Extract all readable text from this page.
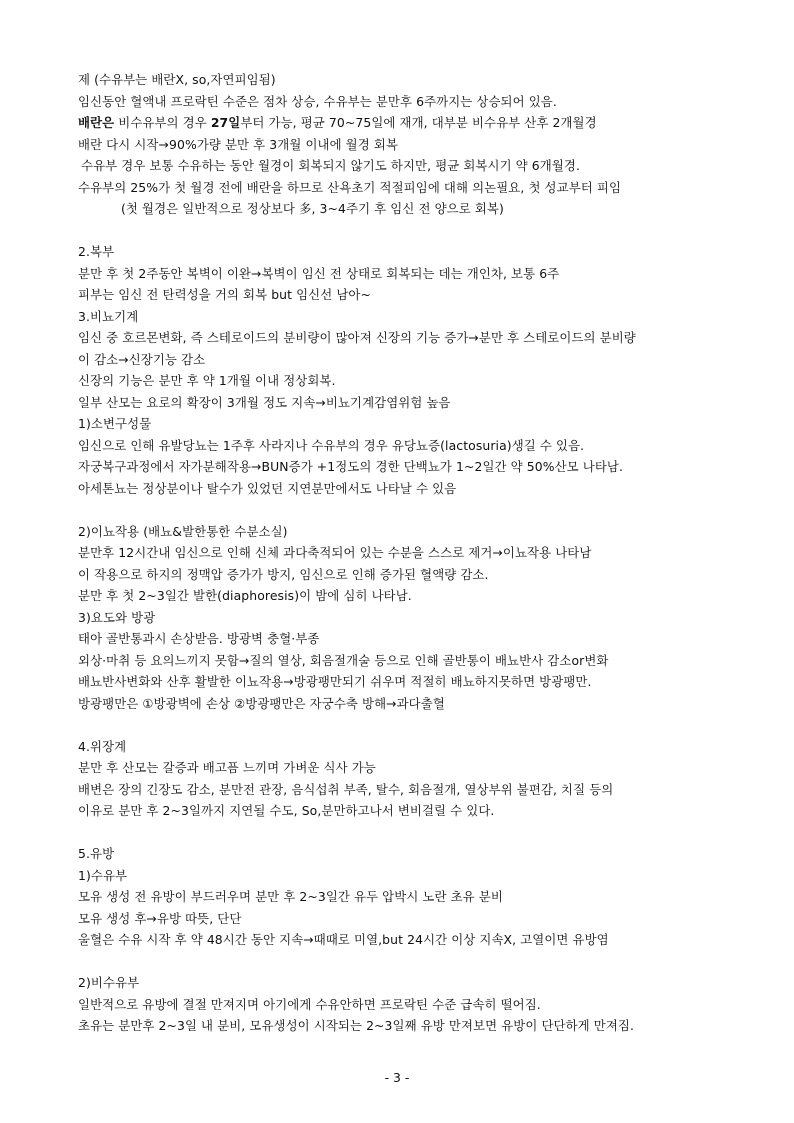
제 (수유부는 배란X, so,자연피임됨)
임신동안 혈액내 프로락틴 수준은 점차 상승, 수유부는 분만후 6주까지는 상승되어 있음.
배란은 비수유부의 경우 27일부터 가능, 평균 70~75일에 재개, 대부분 비수유부 산후 2개월경
배란 다시 시작→90%가량 분만 후 3개월 이내에 월경 회복
수유부 경우 보통 수유하는 동안 월경이 회복되지 않기도 하지만, 평균 회복시기 약 6개월경.
수유부의 25%가 첫 월경 전에 배란을 하므로 산욕초기 적절피임에 대해 의논필요, 첫 성교부터 피임
(첫 월경은 일반적으로 정상보다 多, 3~4주기 후 임신 전 양으로 회복)
2.복부
분만 후 첫 2주동안 복벽이 이완→복벽이 임신 전 상태로 회복되는 데는 개인차, 보통 6주
피부는 임신 전 탄력성을 거의 회복 but 임신선 남아~
3.비뇨기계
임신 중 호르몬변화, 즉 스테로이드의 분비량이 많아져 신장의 기능 증가→분만 후 스테로이드의 분비량
이 감소→신장기능 감소
신장의 기능은 분만 후 약 1개월 이내 정상회복.
일부 산모는 요로의 확장이 3개월 정도 지속→비뇨기계감염위험 높음
1)소변구성물
임신으로 인해 유발당뇨는 1주후 사라지나 수유부의 경우 유당뇨증(lactosuria)생길 수 있음.
자궁복구과정에서 자가분해작용→BUN증가 +1정도의 경한 단백뇨가 1~2일간 약 50%산모 나타남.
아세톤뇨는 정상분이나 탈수가 있었던 지연분만에서도 나타날 수 있음
2)이뇨작용 (배뇨&발한통한 수분소실)
분만후 12시간내 임신으로 인해 신체 과다축적되어 있는 수분을 스스로 제거→이뇨작용 나타남
이 작용으로 하지의 정맥압 증가가 방지, 임신으로 인해 증가된 혈액량 감소.
분만 후 첫 2~3일간 발한(diaphoresis)이 밤에 심히 나타남.
3)요도와 방광
태아 골반통과시 손상받음. 방광벽 충혈·부종
외상·마취 등 요의느끼지 못함→질의 열상, 회음절개술 등으로 인해 골반통이 배뇨반사 감소or변화
배뇨반사변화와 산후 활발한 이뇨작용→방광팽만되기 쉬우며 적절히 배뇨하지못하면 방광팽만.
방광팽만은 ①방광벽에 손상 ②방광팽만은 자궁수축 방해→과다출혈
4.위장계
분만 후 산모는 갈증과 배고픔 느끼며 가벼운 식사 가능
배변은 장의 긴장도 감소, 분만전 관장, 음식섭취 부족, 탈수, 회음절개, 열상부위 불편감, 치질 등의
이유로 분만 후 2~3일까지 지연될 수도, So,분만하고나서 변비걸릴 수 있다.
5.유방
1)수유부
모유 생성 전 유방이 부드러우며 분만 후 2~3일간 유두 압박시 노란 초유 분비
모유 생성 후→유방 따뜻, 단단
울혈은 수유 시작 후 약 48시간 동안 지속→때때로 미열,but 24시간 이상 지속X, 고열이면 유방염
2)비수유부
일반적으로 유방에 결절 만져지며 아기에게 수유안하면 프로락틴 수준 급속히 떨어짐.
초유는 분만후 2~3일 내 분비, 모유생성이 시작되는 2~3일째 유방 만져보면 유방이 단단하게 만져짐.
- 3 -
